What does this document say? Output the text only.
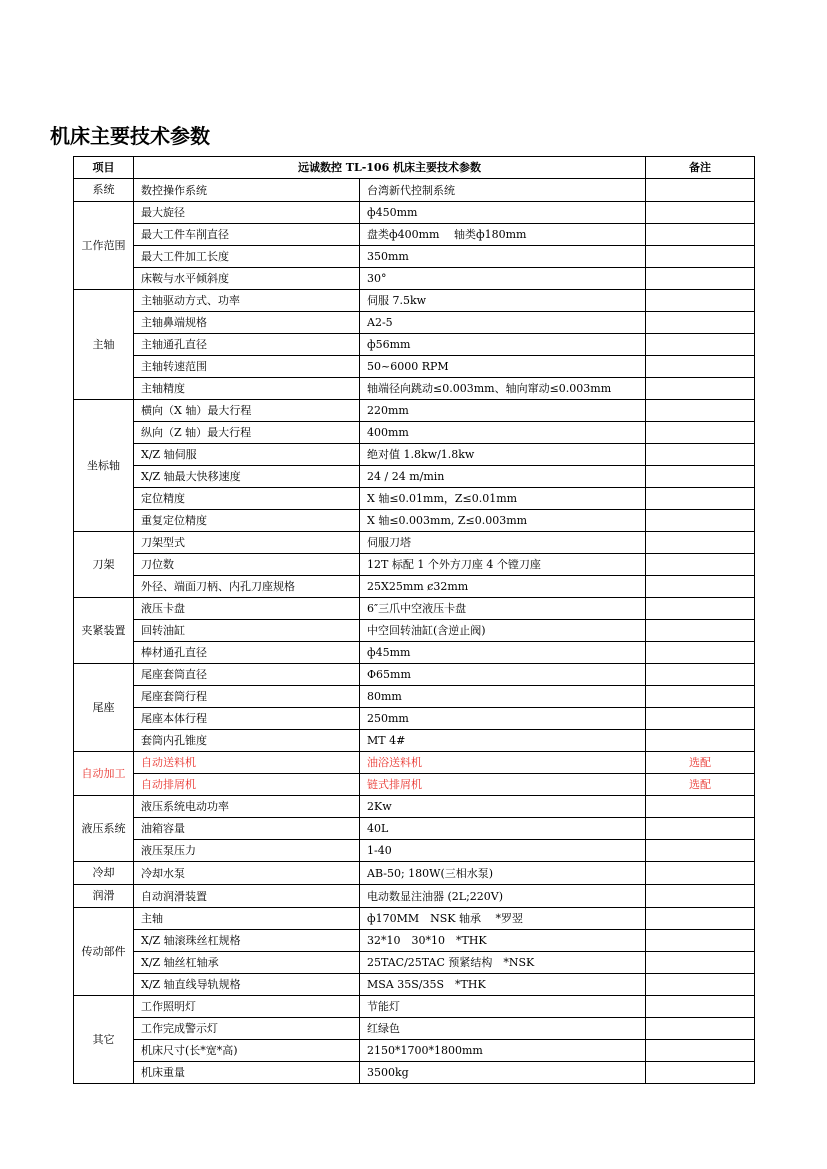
机床主要技术参数
项目	远诚数控 TL-106 机床主要技术参数		备注
系统	数控操作系统	台湾新代控制系统	
工作范围	最大旋径	ф450mm	
	最大工件车削直径	盘类ф400mm　 轴类ф180mm	
	最大工件加工长度	350mm	
	床鞍与水平倾斜度	30°	
主轴	主轴驱动方式、功率	伺服 7.5kw	
	主轴鼻端规格	A2-5	
	主轴通孔直径	ф56mm	
	主轴转速范围	50~6000 RPM	
	主轴精度	轴端径向跳动≤0.003mm、轴向窜动≤0.003mm	
坐标轴	横向（X 轴）最大行程	220mm	
	纵向（Z 轴）最大行程	400mm	
	X/Z 轴伺服	绝对值 1.8kw/1.8kw	
	X/Z 轴最大快移速度	24 / 24 m/min	
	定位精度	X 轴≤0.01mm，Z≤0.01mm	
	重复定位精度	X 轴≤0.003mm, Z≤0.003mm	
刀架	刀架型式	伺服刀塔	
	刀位数	12T 标配 1 个外方刀座 4 个镗刀座	
	外径、端面刀柄、内孔刀座规格	25X25mm ȼ32mm	
夹紧装置	液压卡盘	6″三爪中空液压卡盘	
	回转油缸	中空回转油缸(含逆止阀)	
	棒材通孔直径	ф45mm	
尾座	尾座套筒直径	Φ65mm	
	尾座套筒行程	80mm	
	尾座本体行程	250mm	
	套筒内孔锥度	MT 4#	
自动加工	自动送料机	油浴送料机	选配
	自动排屑机	链式排屑机	选配
液压系统	液压系统电动功率	2Kw	
	油箱容量	40L	
	液压泵压力	1-40	
冷却	冷却水泵	AB-50; 180W(三相水泵)	
润滑	自动润滑装置	电动数显注油器 (2L;220V)	
传动部件	主轴	ф170MM　NSK 轴承　 *罗翌	
	X/Z 轴滚珠丝杠规格	32*10　30*10　*THK	
	X/Z 轴丝杠轴承	25TAC/25TAC 预紧结构　*NSK	
	X/Z 轴直线导轨规格	MSA 35S/35S　*THK	
其它	工作照明灯	节能灯	
	工作完成警示灯	红绿色	
	机床尺寸(长*宽*高)	2150*1700*1800mm	
	机床重量	3500kg	
